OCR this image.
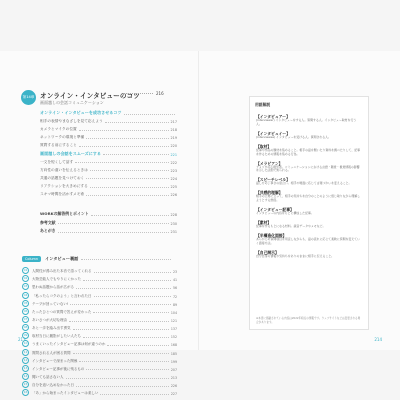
第14章 オンライン・インタビューのコツ	216
画面越しの会話コミュニケーション
オンライン・インタビューを成功させるコツ
相手の表情やまなざしを見て応えよう	217
カメラとマイクの位置	218
ネットワークの環境と準備	219
質問する前にすること	220
画面越しの会話をスムーズにする	221
一文を短くして話す	222
方向性の違いを伝えるときは	223
共通の話題を見つけておく	224
リアクションを大きめにする	225
スキマ時間を活かすメモ術	226
WORKの解答例とポイント	228
参考文献	230
あとがき	231
Column	インタビュー裏話
01	人間性が滲み出た本音で語ってくれる	23
02	大物芸能人でもやりにくかった	41
03	思わぬ話題から話が広がる	56
04	「私ったらコクのよう」と言われた日	72
05	テープが回っていない!	89
06	たったひとつの質問で答えが変わった	104
07	あいさつが大切な理由	121
08	あと一歩を踏み出す勇気	137
09	取材当日に撮影がしたい人たち	152
10	うまくいったインタビュー記事は何が違うのか	168
11	質問される人が困る質問	185
12	インタビューで深まった関係	199
13	インタビュー記事が後に残るもの	207
14	聞いても話さない人	213
15	自分を追い込めなかった日	226
16	「あ」から始まったインタビューは楽しい	227
213
用語解説
【インタビュアー】
(interviewer) インタビューをする人。質問する人。インタビュー取材を行う人。
【インタビュイー】
(interviewee) インタビューを受ける人。質問される人。
【取材】
記事や作品の題材を集めること。相手の話を聞いたり資料を調べたりして、記事を作るための情報を集める行為。
【メラビアン】
アメリカの心理学者。コミュニケーションにおける言語・聴覚・視覚情報の影響を示した法則で知られる。
【スピーチレベル】
話し方の丁寧さの度合い。相手や場面に応じて言葉づかいを変えること。
【共感的理解】
相手の立場に立って、相手の気持ちを自分のことのように感じ取りながら理解しようとする態度。
【インタビュー記事】
インタビューの内容をもとに構成した記事。
【素材】
記事を作るもとになる材料。録音データやメモなど。
【半構造化面接】
あらかじめ質問項目を用意しながらも、話の流れに応じて柔軟に質問を変えていく面接方法。
【自己開示】
自分自身の情報や気持ちをありのままに相手に伝えること。
※本書に掲載されている内容は2022年時点の情報です。ウェブサイトなどは変更される場合があります。
214
